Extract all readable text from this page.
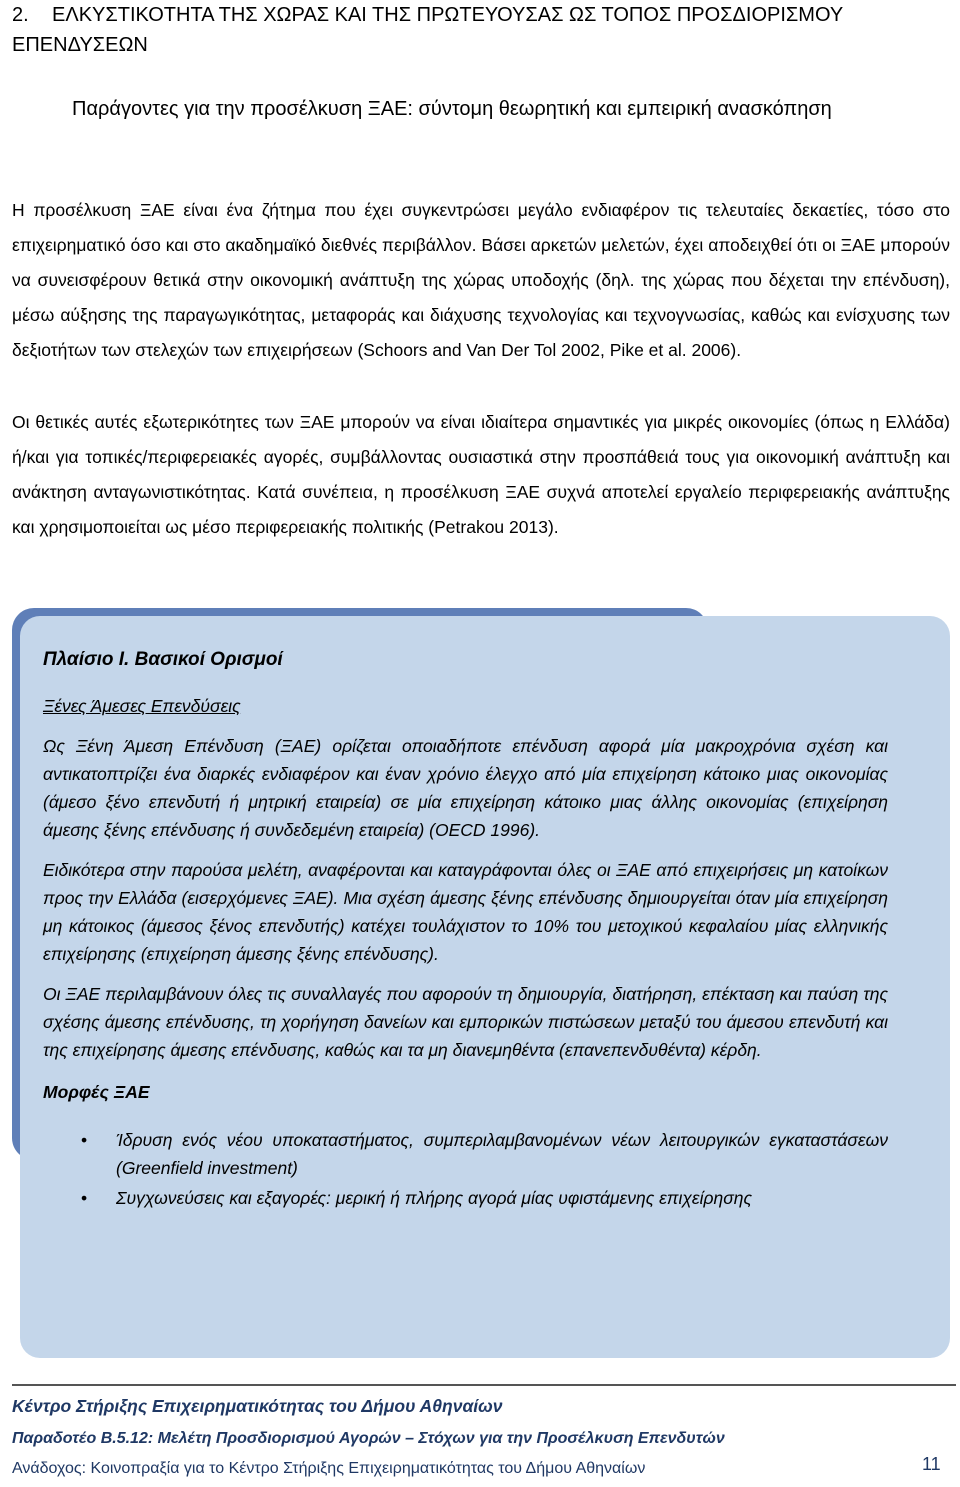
2. ΕΛΚΥΣΤΙΚΟΤΗΤΑ ΤΗΣ ΧΩΡΑΣ ΚΑΙ ΤΗΣ ΠΡΩΤΕΥΟΥΣΑΣ ΩΣ ΤΟΠΟΣ ΠΡΟΣΔΙΟΡΙΣΜΟΥ ΕΠΕΝΔΥΣΕΩΝ
Παράγοντες για την προσέλκυση ΞΑΕ: σύντομη θεωρητική και εμπειρική ανασκόπηση
Η προσέλκυση ΞΑΕ είναι ένα ζήτημα που έχει συγκεντρώσει μεγάλο ενδιαφέρον τις τελευταίες δεκαετίες, τόσο στο επιχειρηματικό όσο και στο ακαδημαϊκό διεθνές περιβάλλον. Βάσει αρκετών μελετών, έχει αποδειχθεί ότι οι ΞΑΕ μπορούν να συνεισφέρουν θετικά στην οικονομική ανάπτυξη της χώρας υποδοχής (δηλ. της χώρας που δέχεται την επένδυση), μέσω αύξησης της παραγωγικότητας, μεταφοράς και διάχυσης τεχνολογίας και τεχνογνωσίας, καθώς και ενίσχυσης των δεξιοτήτων των στελεχών των επιχειρήσεων (Schoors and Van Der Tol 2002, Pike et al. 2006).
Οι θετικές αυτές εξωτερικότητες των ΞΑΕ μπορούν να είναι ιδιαίτερα σημαντικές για μικρές οικονομίες (όπως η Ελλάδα) ή/και για τοπικές/περιφερειακές αγορές, συμβάλλοντας ουσιαστικά στην προσπάθειά τους για οικονομική ανάπτυξη και ανάκτηση ανταγωνιστικότητας. Κατά συνέπεια, η προσέλκυση ΞΑΕ συχνά αποτελεί εργαλείο περιφερειακής ανάπτυξης και χρησιμοποιείται ως μέσο περιφερειακής πολιτικής (Petrakou 2013).
Πλαίσιο Ι. Βασικοί Ορισμοί
Ξένες Άμεσες Επενδύσεις
Ως Ξένη Άμεση Επένδυση (ΞΑΕ) ορίζεται οποιαδήποτε επένδυση αφορά μία μακροχρόνια σχέση και αντικατοπτρίζει ένα διαρκές ενδιαφέρον και έναν χρόνιο έλεγχο από μία επιχείρηση κάτοικο μιας οικονομίας (άμεσο ξένο επενδυτή ή μητρική εταιρεία) σε μία επιχείρηση κάτοικο μιας άλλης οικονομίας (επιχείρηση άμεσης ξένης επένδυσης ή συνδεδεμένη εταιρεία) (OECD 1996).
Ειδικότερα στην παρούσα μελέτη, αναφέρονται και καταγράφονται όλες οι ΞΑΕ από επιχειρήσεις μη κατοίκων προς την Ελλάδα (εισερχόμενες ΞΑΕ). Μια σχέση άμεσης ξένης επένδυσης δημιουργείται όταν μία επιχείρηση μη κάτοικος (άμεσος ξένος επενδυτής) κατέχει τουλάχιστον το 10% του μετοχικού κεφαλαίου μίας ελληνικής επιχείρησης (επιχείρηση άμεσης ξένης επένδυσης).
Οι ΞΑΕ περιλαμβάνουν όλες τις συναλλαγές που αφορούν τη δημιουργία, διατήρηση, επέκταση και παύση της σχέσης άμεσης επένδυσης, τη χορήγηση δανείων και εμπορικών πιστώσεων μεταξύ του άμεσου επενδυτή και της επιχείρησης άμεσης επένδυσης, καθώς και τα μη διανεμηθέντα (επανεπενδυθέντα) κέρδη.
Μορφές ΞΑΕ
• Ίδρυση ενός νέου υποκαταστήματος, συμπεριλαμβανομένων νέων λειτουργικών εγκαταστάσεων (Greenfield investment)
• Συγχωνεύσεις και εξαγορές: μερική ή πλήρης αγορά μίας υφιστάμενης επιχείρησης
Κέντρο Στήριξης Επιχειρηματικότητας του Δήμου Αθηναίων
Παραδοτέο Β.5.12: Μελέτη Προσδιορισμού Αγορών – Στόχων για την Προσέλκυση Επενδυτών
Ανάδοχος: Κοινοπραξία για το Κέντρο Στήριξης Επιχειρηματικότητας του Δήμου Αθηναίων	11
